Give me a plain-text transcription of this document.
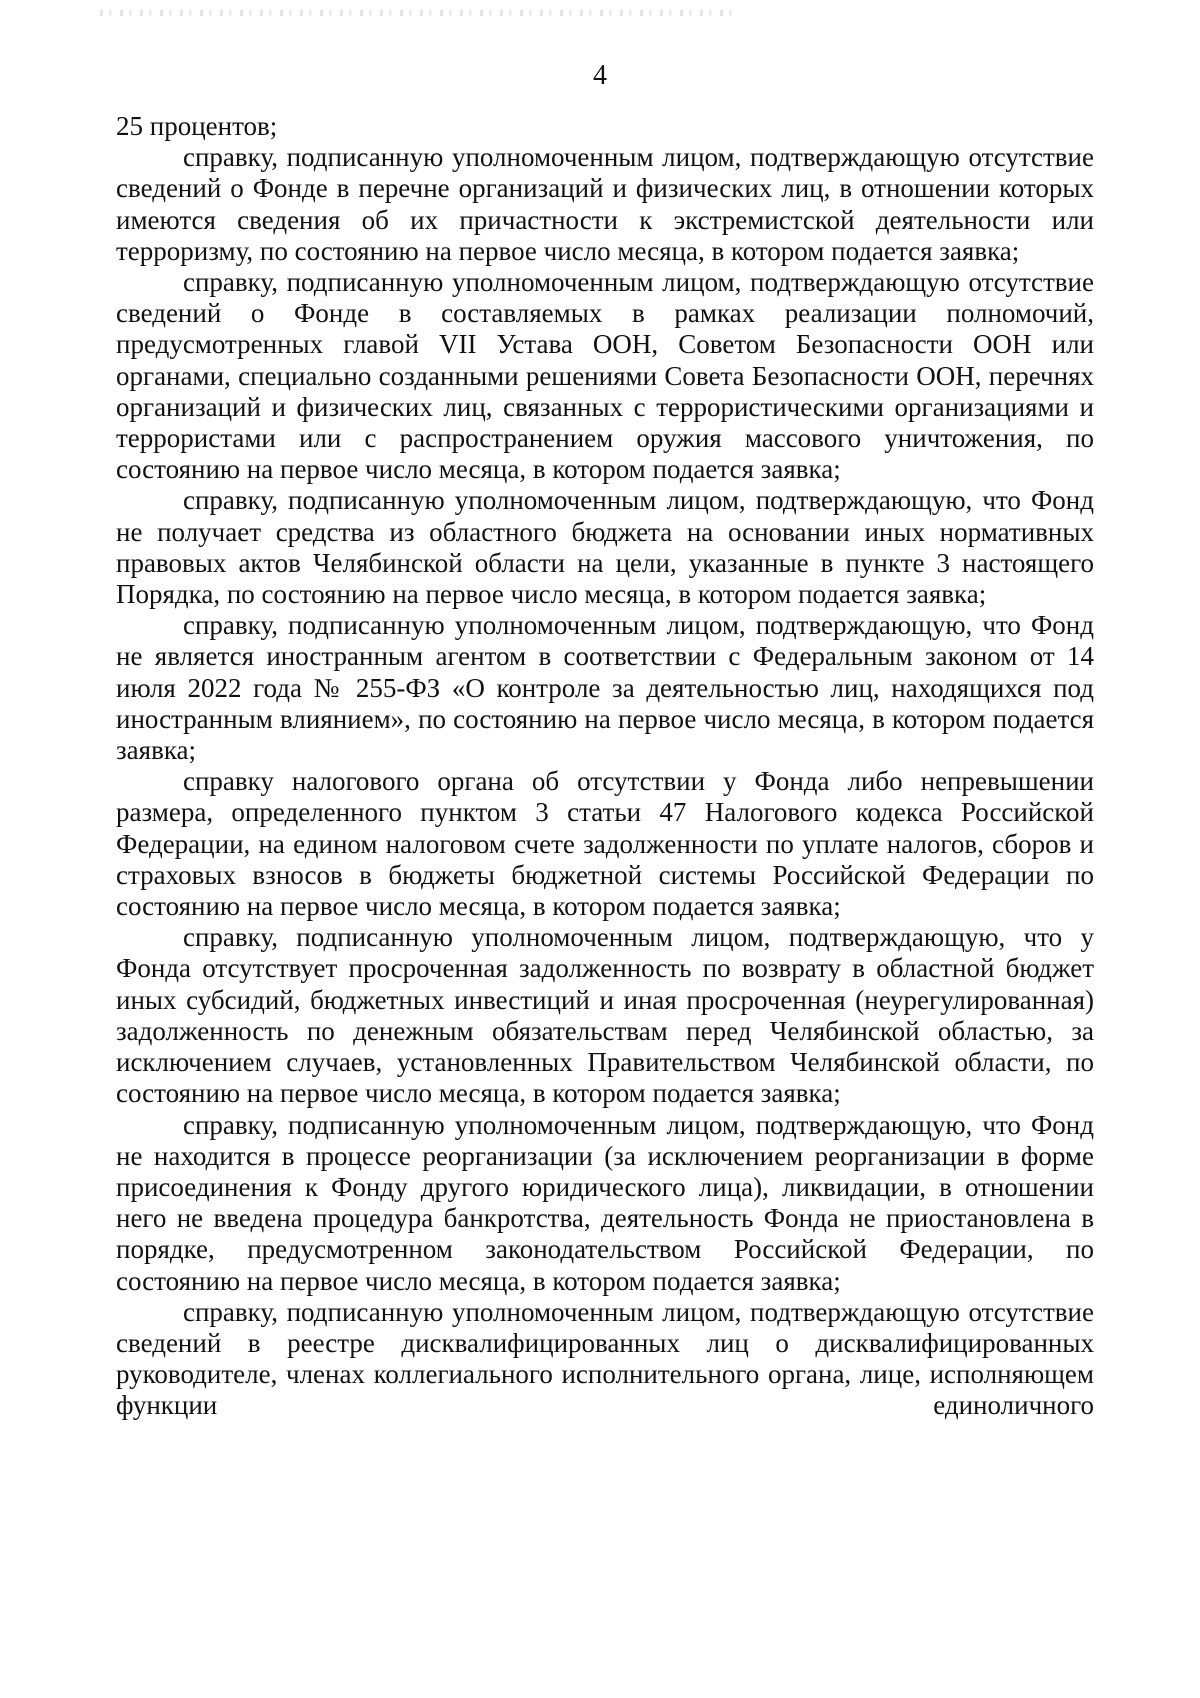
4

25 процентов;

справку, подписанную уполномоченным лицом, подтверждающую отсутствие сведений о Фонде в перечне организаций и физических лиц, в отношении которых имеются сведения об их причастности к экстремистской деятельности или терроризму, по состоянию на первое число месяца, в котором подается заявка;

справку, подписанную уполномоченным лицом, подтверждающую отсутствие сведений о Фонде в составляемых в рамках реализации полномочий, предусмотренных главой VII Устава ООН, Советом Безопасности ООН или органами, специально созданными решениями Совета Безопасности ООН, перечнях организаций и физических лиц, связанных с террористическими организациями и террористами или с распространением оружия массового уничтожения, по состоянию на первое число месяца, в котором подается заявка;

справку, подписанную уполномоченным лицом, подтверждающую, что Фонд не получает средства из областного бюджета на основании иных нормативных правовых актов Челябинской области на цели, указанные в пункте 3 настоящего Порядка, по состоянию на первое число месяца, в котором подается заявка;

справку, подписанную уполномоченным лицом, подтверждающую, что Фонд не является иностранным агентом в соответствии с Федеральным законом от 14 июля 2022 года № 255-ФЗ «О контроле за деятельностью лиц, находящихся под иностранным влиянием», по состоянию на первое число месяца, в котором подается заявка;

справку налогового органа об отсутствии у Фонда либо непревышении размера, определенного пунктом 3 статьи 47 Налогового кодекса Российской Федерации, на едином налоговом счете задолженности по уплате налогов, сборов и страховых взносов в бюджеты бюджетной системы Российской Федерации по состоянию на первое число месяца, в котором подается заявка;

справку, подписанную уполномоченным лицом, подтверждающую, что у Фонда отсутствует просроченная задолженность по возврату в областной бюджет иных субсидий, бюджетных инвестиций и иная просроченная (неурегулированная) задолженность по денежным обязательствам перед Челябинской областью, за исключением случаев, установленных Правительством Челябинской области, по состоянию на первое число месяца, в котором подается заявка;

справку, подписанную уполномоченным лицом, подтверждающую, что Фонд не находится в процессе реорганизации (за исключением реорганизации в форме присоединения к Фонду другого юридического лица), ликвидации, в отношении него не введена процедура банкротства, деятельность Фонда не приостановлена в порядке, предусмотренном законодательством Российской Федерации, по состоянию на первое число месяца, в котором подается заявка;

справку, подписанную уполномоченным лицом, подтверждающую отсутствие сведений в реестре дисквалифицированных лиц о дисквалифицированных руководителе, членах коллегиального исполнительного органа, лице, исполняющем функции единоличного
